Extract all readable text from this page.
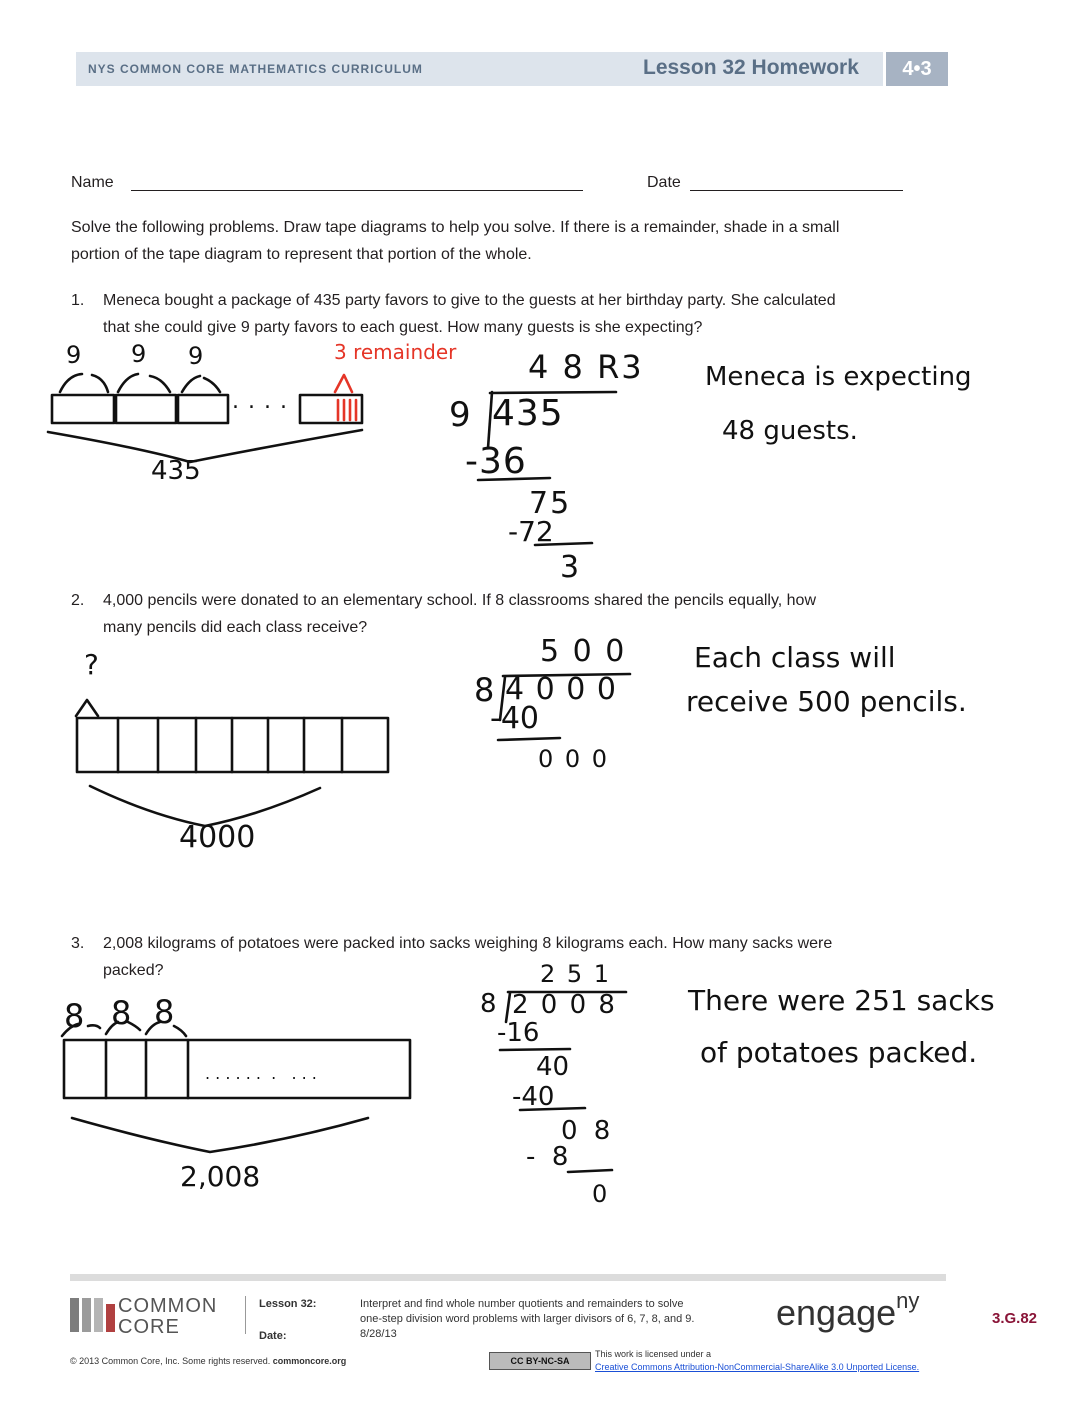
NYS COMMON CORE MATHEMATICS CURRICULUM	Lesson 32 Homework	4•3
Name	Date
Solve the following problems. Draw tape diagrams to help you solve. If there is a remainder, shade in a small
portion of the tape diagram to represent that portion of the whole.
1. Meneca bought a package of 435 party favors to give to the guests at her birthday party. She calculated
that she could give 9 party favors to each guest. How many guests is she expecting?
9 9 9
. . . .
3 remainder
435
4 8 R3
9 435
-36
75
-72
3
Meneca is expecting
48 guests.
2. 4,000 pencils were donated to an elementary school. If 8 classrooms shared the pencils equally, how
many pencils did each class receive?
?
4000
5 0 0
8 4 0 0 0
-40
0 0 0
Each class will
receive 500 pencils.
3. 2,008 kilograms of potatoes were packed into sacks weighing 8 kilograms each. How many sacks were
packed?
8 8 8
. . . . . .  .   . . .
2,008
2 5 1
8 2 0 0 8
-16
40
-40
0 8
-  8
0
There were 251 sacks
of potatoes packed.
COMMON
CORE
Lesson 32:
Date:
Interpret and find whole number quotients and remainders to solve
one-step division word problems with larger divisors of 6, 7, 8, and 9.
8/28/13
engage$^{ny}$
3.G.82
© 2013 Common Core, Inc. Some rights reserved. commoncore.org	CC BY-NC-SA
This work is licensed under a
Creative Commons Attribution-NonCommercial-ShareAlike 3.0 Unported License.
